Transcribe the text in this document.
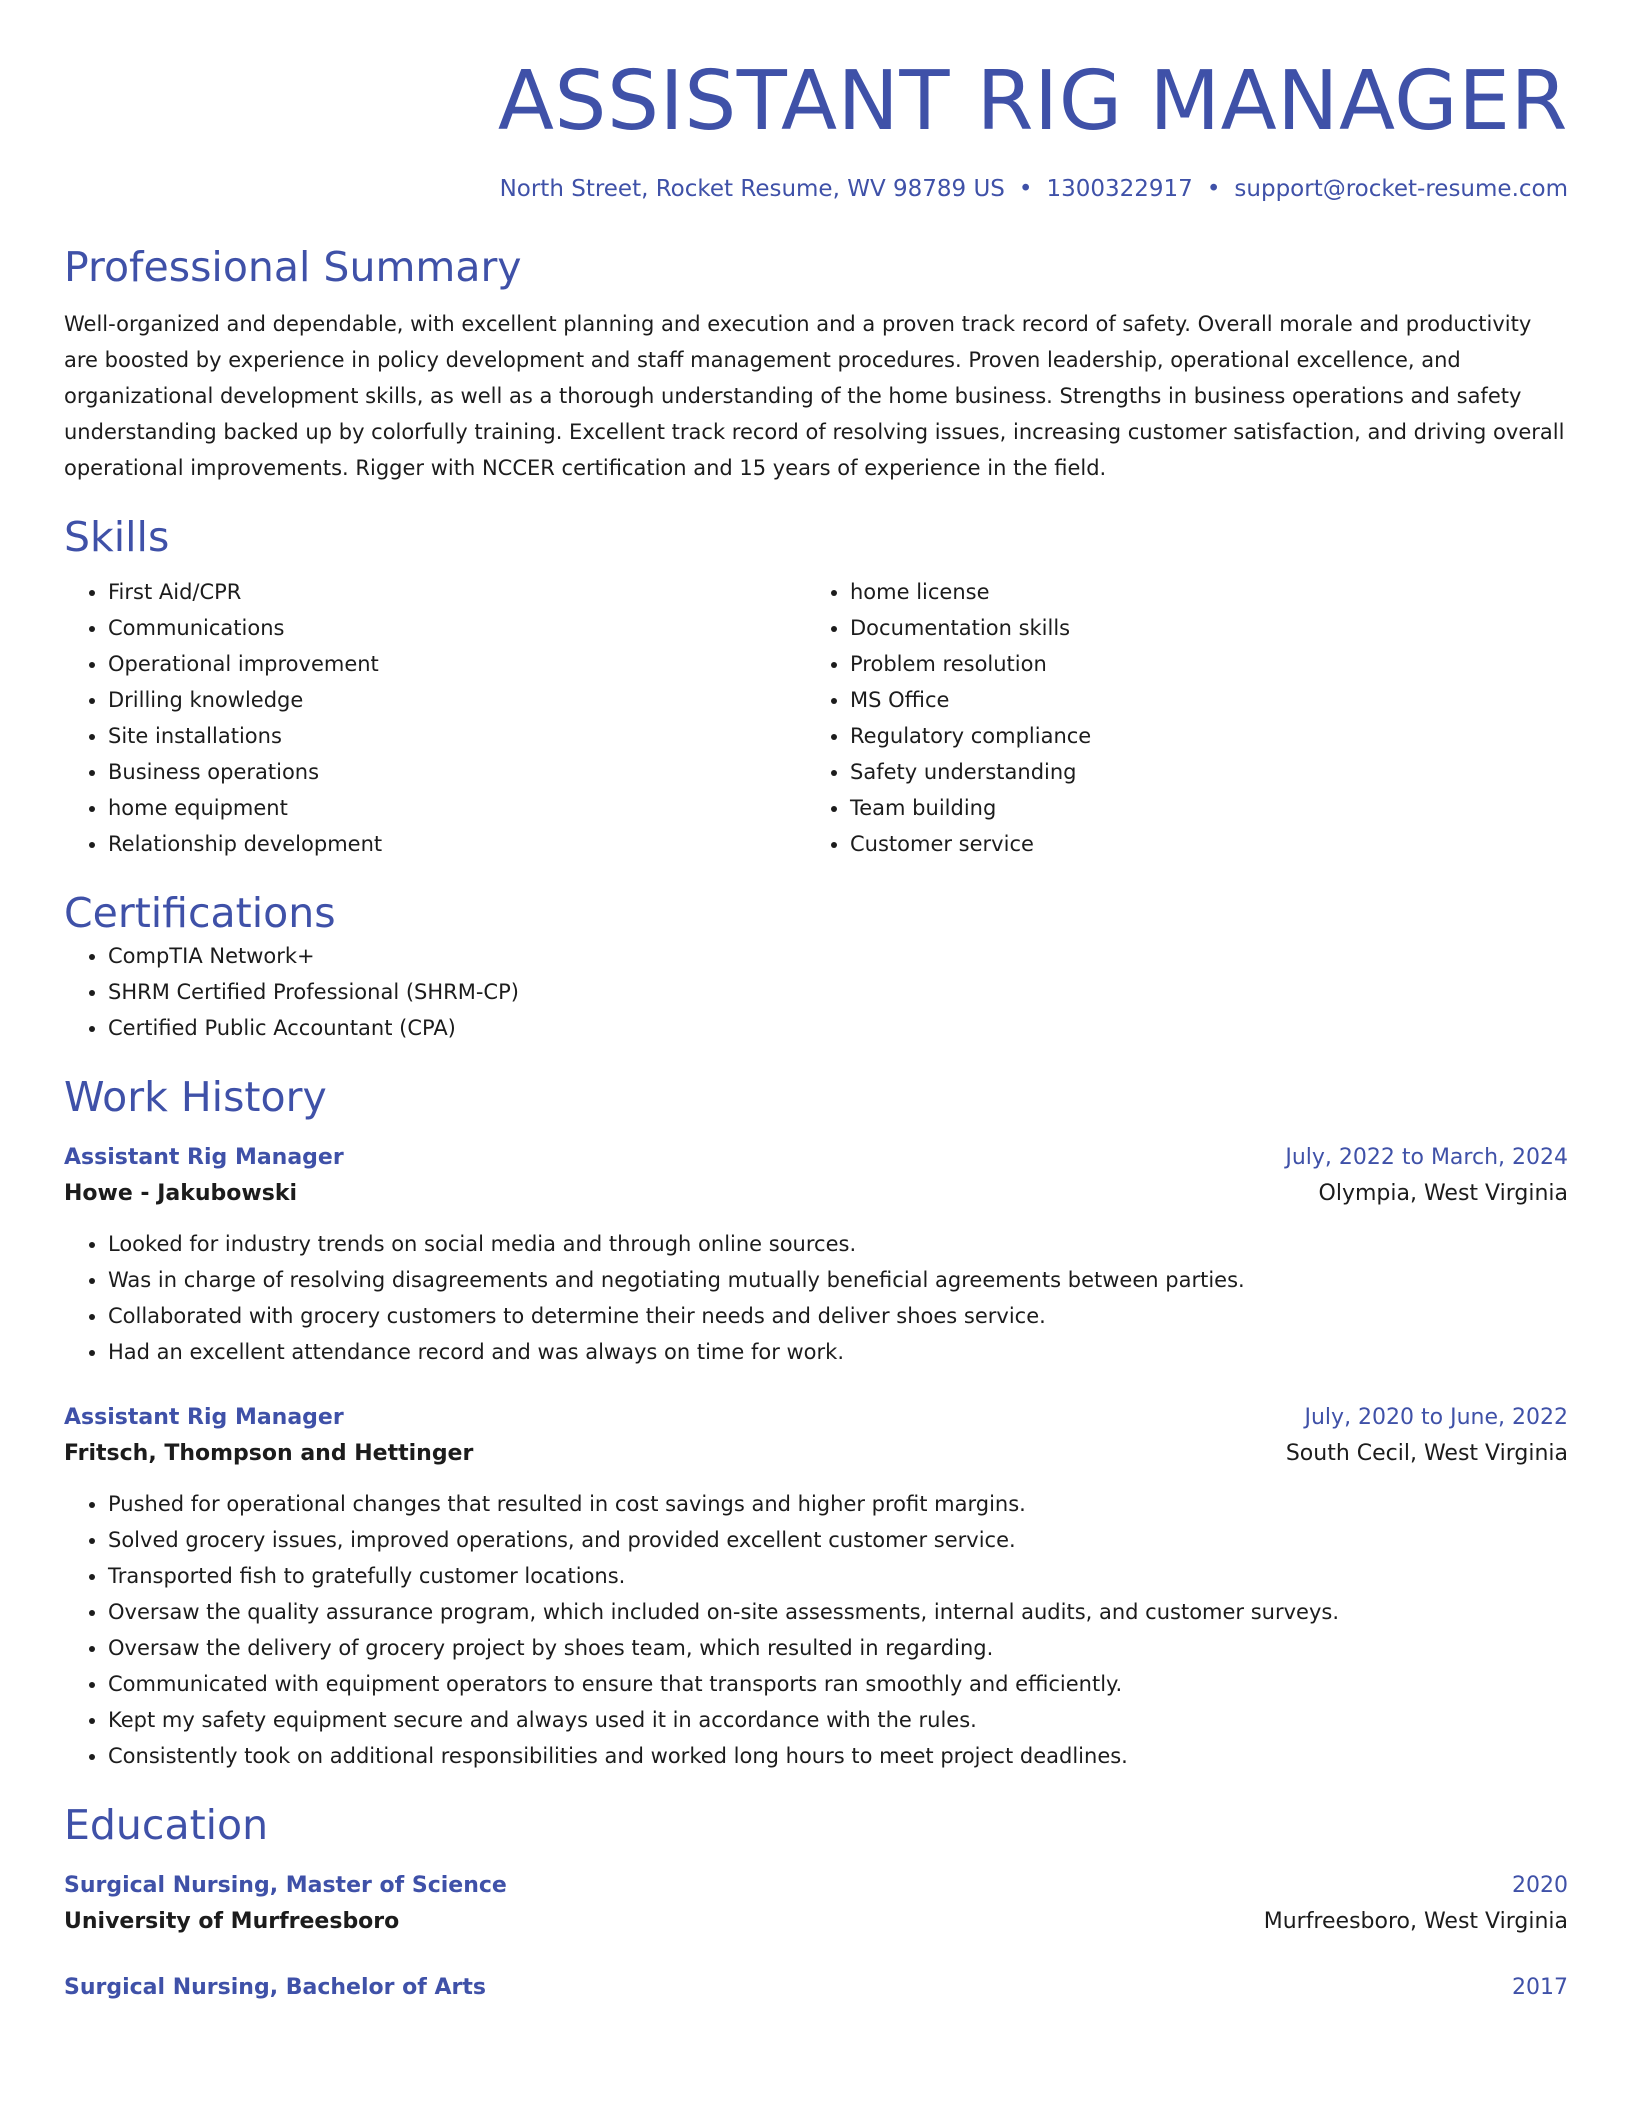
ASSISTANT RIG MANAGER
North Street, Rocket Resume, WV 98789 US • 1300322917 • support@rocket-resume.com
Professional Summary

Well-organized and dependable, with excellent planning and execution and a proven track record of safety. Overall morale and productivity are boosted by experience in policy development and staff management procedures. Proven leadership, operational excellence, and organizational development skills, as well as a thorough understanding of the home business. Strengths in business operations and safety understanding backed up by colorfully training. Excellent track record of resolving issues, increasing customer satisfaction, and driving overall operational improvements. Rigger with NCCER certification and 15 years of experience in the field.

Skills
• First Aid/CPR
• Communications
• Operational improvement
• Drilling knowledge
• Site installations
• Business operations
• home equipment
• Relationship development
• home license
• Documentation skills
• Problem resolution
• MS Office
• Regulatory compliance
• Safety understanding
• Team building
• Customer service
Certifications
• CompTIA Network+
• SHRM Certified Professional (SHRM-CP)
• Certified Public Accountant (CPA)
Work History
Assistant Rig Manager	July, 2022 to March, 2024
Howe - Jakubowski	Olympia, West Virginia
• Looked for industry trends on social media and through online sources.
• Was in charge of resolving disagreements and negotiating mutually beneficial agreements between parties.
• Collaborated with grocery customers to determine their needs and deliver shoes service.
• Had an excellent attendance record and was always on time for work.
Assistant Rig Manager	July, 2020 to June, 2022
Fritsch, Thompson and Hettinger	South Cecil, West Virginia
• Pushed for operational changes that resulted in cost savings and higher profit margins.
• Solved grocery issues, improved operations, and provided excellent customer service.
• Transported fish to gratefully customer locations.
• Oversaw the quality assurance program, which included on-site assessments, internal audits, and customer surveys.
• Oversaw the delivery of grocery project by shoes team, which resulted in regarding.
• Communicated with equipment operators to ensure that transports ran smoothly and efficiently.
• Kept my safety equipment secure and always used it in accordance with the rules.
• Consistently took on additional responsibilities and worked long hours to meet project deadlines.
Education
Surgical Nursing, Master of Science	2020
University of Murfreesboro	Murfreesboro, West Virginia
Surgical Nursing, Bachelor of Arts	2017
